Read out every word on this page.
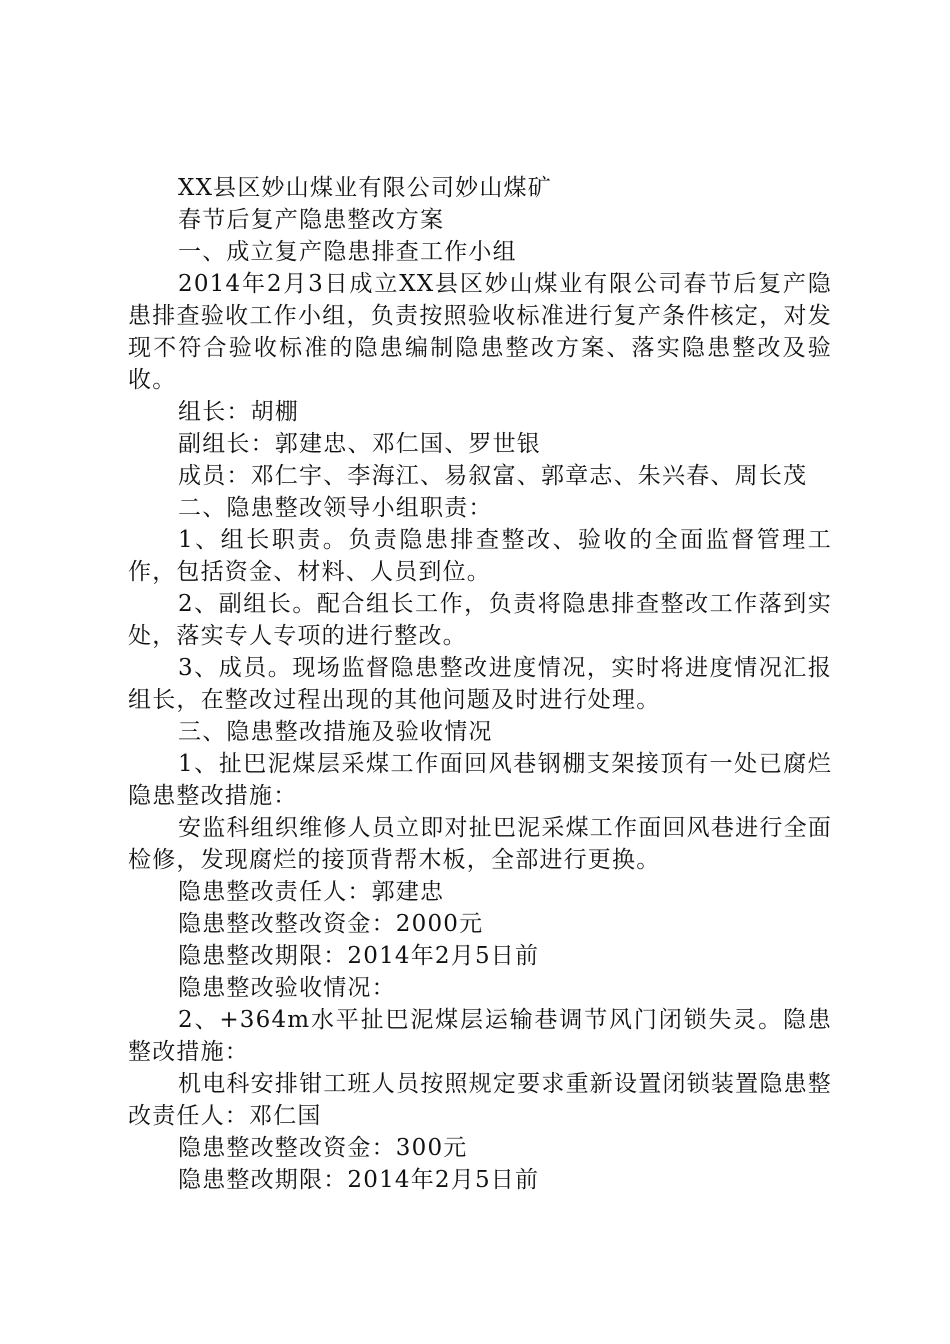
XX县区妙山煤业有限公司妙山煤矿

春节后复产隐患整改方案

一、成立复产隐患排查工作小组

2014年2月3日成立XX县区妙山煤业有限公司春节后复产隐患排查验收工作小组，负责按照验收标准进行复产条件核定，对发现不符合验收标准的隐患编制隐患整改方案、落实隐患整改及验收。

组长：胡棚

副组长：郭建忠、邓仁国、罗世银

成员：邓仁宇、李海江、易叙富、郭章志、朱兴春、周长茂

二、隐患整改领导小组职责：

1、组长职责。负责隐患排查整改、验收的全面监督管理工作，包括资金、材料、人员到位。

2、副组长。配合组长工作，负责将隐患排查整改工作落到实处，落实专人专项的进行整改。

3、成员。现场监督隐患整改进度情况，实时将进度情况汇报组长，在整改过程出现的其他问题及时进行处理。

三、隐患整改措施及验收情况

1、扯巴泥煤层采煤工作面回风巷钢棚支架接顶有一处已腐烂隐患整改措施：

安监科组织维修人员立即对扯巴泥采煤工作面回风巷进行全面检修，发现腐烂的接顶背帮木板，全部进行更换。

隐患整改责任人：郭建忠

隐患整改整改资金：2000元

隐患整改期限：2014年2月5日前

隐患整改验收情况：

2、+364m水平扯巴泥煤层运输巷调节风门闭锁失灵。隐患整改措施：

机电科安排钳工班人员按照规定要求重新设置闭锁装置隐患整改责任人：邓仁国

隐患整改整改资金：300元

隐患整改期限：2014年2月5日前
